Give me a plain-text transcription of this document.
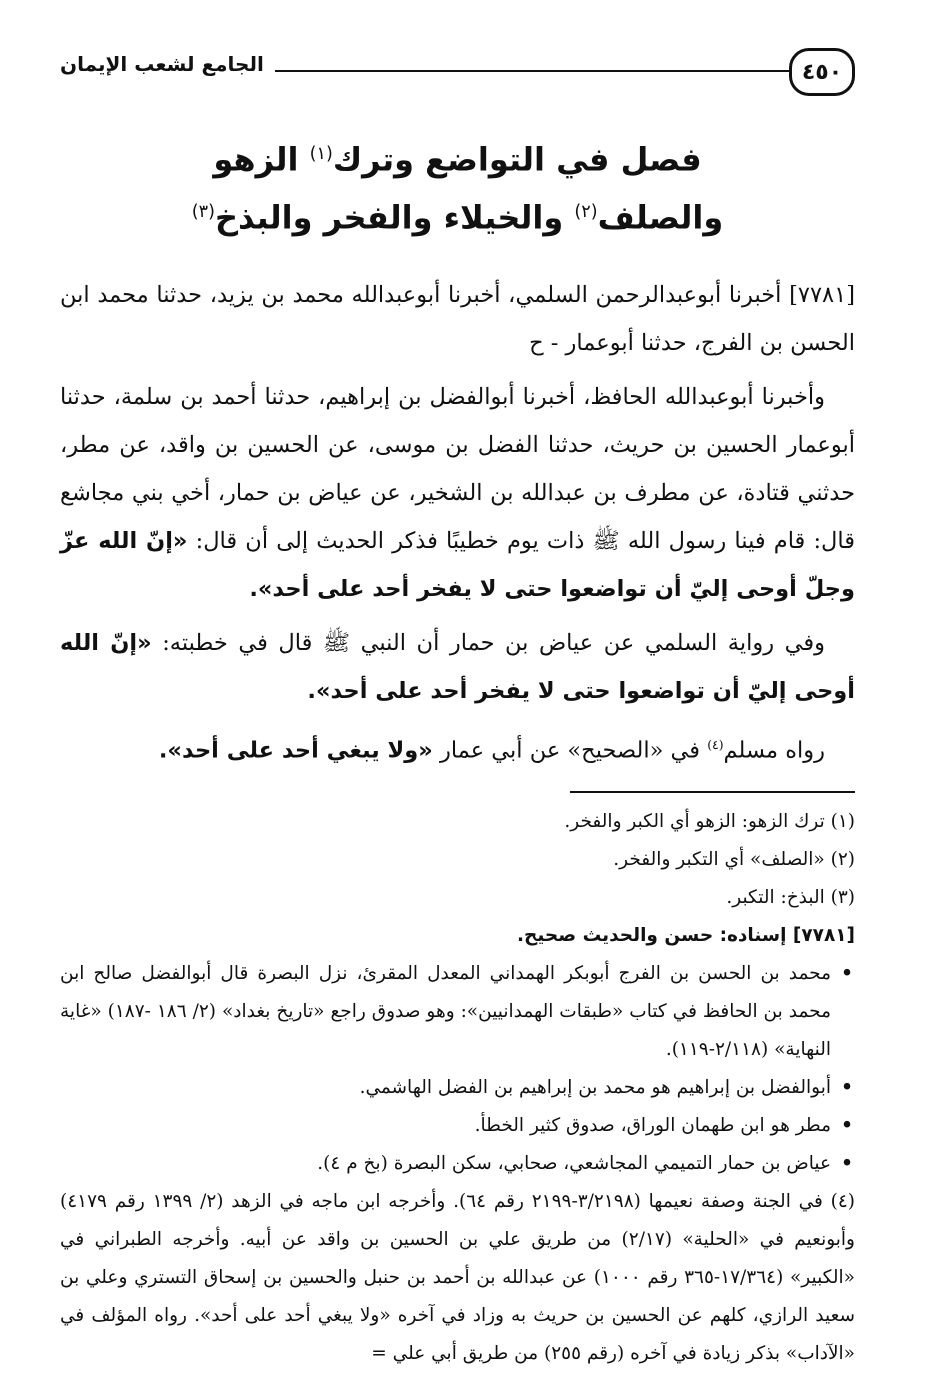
٤٥٠
الجامع لشعب الإيمان
فصل في التواضع وترك$^{(١)}$ الزهو
والصلف$^{(٢)}$ والخيلاء والفخر والبذخ$^{(٣)}$

[٧٧٨١] أخبرنا أبوعبدالرحمن السلمي، أخبرنا أبوعبدالله محمد بن يزيد، حدثنا محمد ابن الحسن بن الفرج، حدثنا أبوعمار - ح

وأخبرنا أبوعبدالله الحافظ، أخبرنا أبوالفضل بن إبراهيم، حدثنا أحمد بن سلمة، حدثنا أبوعمار الحسين بن حريث، حدثنا الفضل بن موسى، عن الحسين بن واقد، عن مطر، حدثني قتادة، عن مطرف بن عبدالله بن الشخير، عن عياض بن حمار، أخي بني مجاشع قال: قام فينا رسول الله ﷺ ذات يوم خطيبًا فذكر الحديث إلى أن قال: «إنّ الله عزّ وجلّ أوحى إليّ أن تواضعوا حتى لا يفخر أحد على أحد».

وفي رواية السلمي عن عياض بن حمار أن النبي ﷺ قال في خطبته: «إنّ الله أوحى إليّ أن تواضعوا حتى لا يفخر أحد على أحد».

رواه مسلم$^{(٤)}$ في «الصحيح» عن أبي عمار «ولا يبغي أحد على أحد».

(١) ترك الزهو: الزهو أي الكبر والفخر.

(٢) «الصلف» أي التكبر والفخر.

(٣) البذخ: التكبر.

[٧٧٨١] إسناده: حسن والحديث صحيح.

•
محمد بن الحسن بن الفرج أبوبكر الهمداني المعدل المقرئ، نزل البصرة قال أبوالفضل صالح ابن محمد بن الحافظ في كتاب «طبقات الهمدانيين»: وهو صدوق راجع «تاريخ بغداد» (٢/ ١٨٦ -١٨٧) «غاية النهاية» (٢/١١٨-١١٩).

•
أبوالفضل بن إبراهيم هو محمد بن إبراهيم بن الفضل الهاشمي.

•
مطر هو ابن طهمان الوراق، صدوق كثير الخطأ.

•
عياض بن حمار التميمي المجاشعي، صحابي، سكن البصرة (بخ م ٤).

(٤) في الجنة وصفة نعيمها (٣/٢١٩٨-٢١٩٩ رقم ٦٤). وأخرجه ابن ماجه في الزهد (٢/ ١٣٩٩ رقم ٤١٧٩) وأبونعيم في «الحلية» (٢/١٧) من طريق علي بن الحسين بن واقد عن أبيه. وأخرجه الطبراني في «الكبير» (١٧/٣٦٤-٣٦٥ رقم ١٠٠٠) عن عبدالله بن أحمد بن حنبل والحسين بن إسحاق التستري وعلي بن سعيد الرازي، كلهم عن الحسين بن حريث به وزاد في آخره «ولا يبغي أحد على أحد». رواه المؤلف في «الآداب» بذكر زيادة في آخره (رقم ٢٥٥) من طريق أبي علي =
